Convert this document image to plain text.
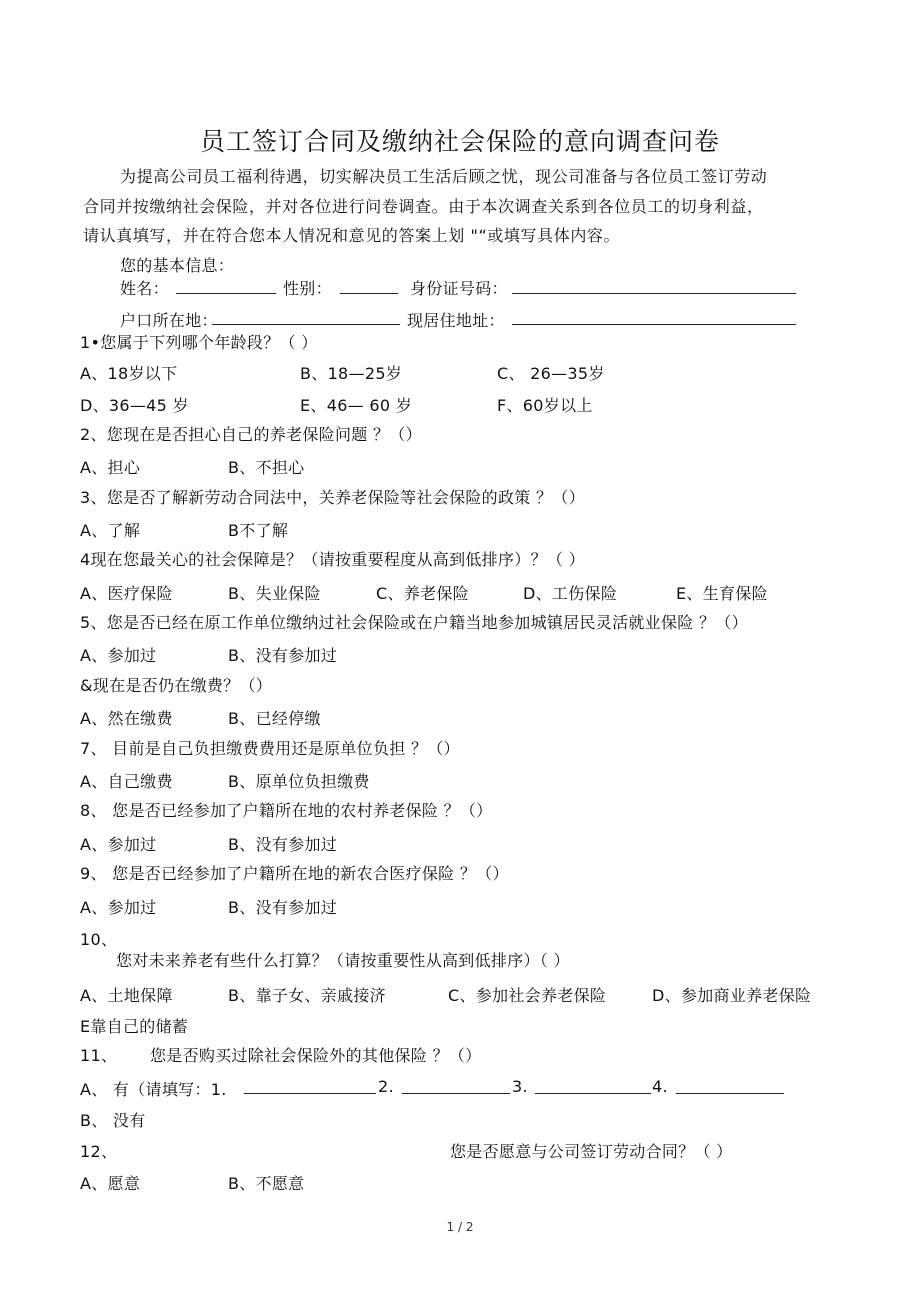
员工签订合同及缴纳社会保险的意向调查问卷
为提高公司员工福利待遇，切实解决员工生活后顾之忧，现公司准备与各位员工签订劳动
合同并按缴纳社会保险，并对各位进行问卷调查。由于本次调查关系到各位员工的切身利益，
请认真填写，并在符合您本人情况和意见的答案上划 "“或填写具体内容。
您的基本信息：
姓名：	性别：	身份证号码：
户口所在地：	现居住地址：
1•您属于下列哪个年龄段？（ ）
A、18岁以下	B、18—25岁	C、 26—35岁
D、36—45 岁	E、46— 60 岁	F、60岁以上
2、您现在是否担心自己的养老保险问题 ？（）
A、担心	B、不担心
3、您是否了解新劳动合同法中，关养老保险等社会保险的政策 ？（）
A、了解	B不了解
4现在您最关心的社会保障是？（请按重要程度从高到低排序）？（ ）
A、医疗保险	B、失业保险	C、养老保险	D、工伤保险	E、生育保险
5、您是否已经在原工作单位缴纳过社会保险或在户籍当地参加城镇居民灵活就业保险 ？（）
A、参加过	B、没有参加过
&现在是否仍在缴费？（）
A、然在缴费	B、已经停缴
7、 目前是自己负担缴费费用还是原单位负担 ？（）
A、自己缴费	B、原单位负担缴费
8、 您是否已经参加了户籍所在地的农村养老保险 ？（）
A、参加过	B、没有参加过
9、 您是否已经参加了户籍所在地的新农合医疗保险 ？（）
A、参加过	B、没有参加过
10、
您对未来养老有些什么打算？（请按重要性从高到低排序）（ ）
A、土地保障	B、靠子女、亲戚接济	C、参加社会养老保险	D、参加商业养老保险
E靠自己的储蓄
11、 您是否购买过除社会保险外的其他保险 ？（）
A、 有（请填写：1.	2.	3.	4.
B、 没有
12、	您是否愿意与公司签订劳动合同？（ ）
A、愿意	B、不愿意
1 / 2
